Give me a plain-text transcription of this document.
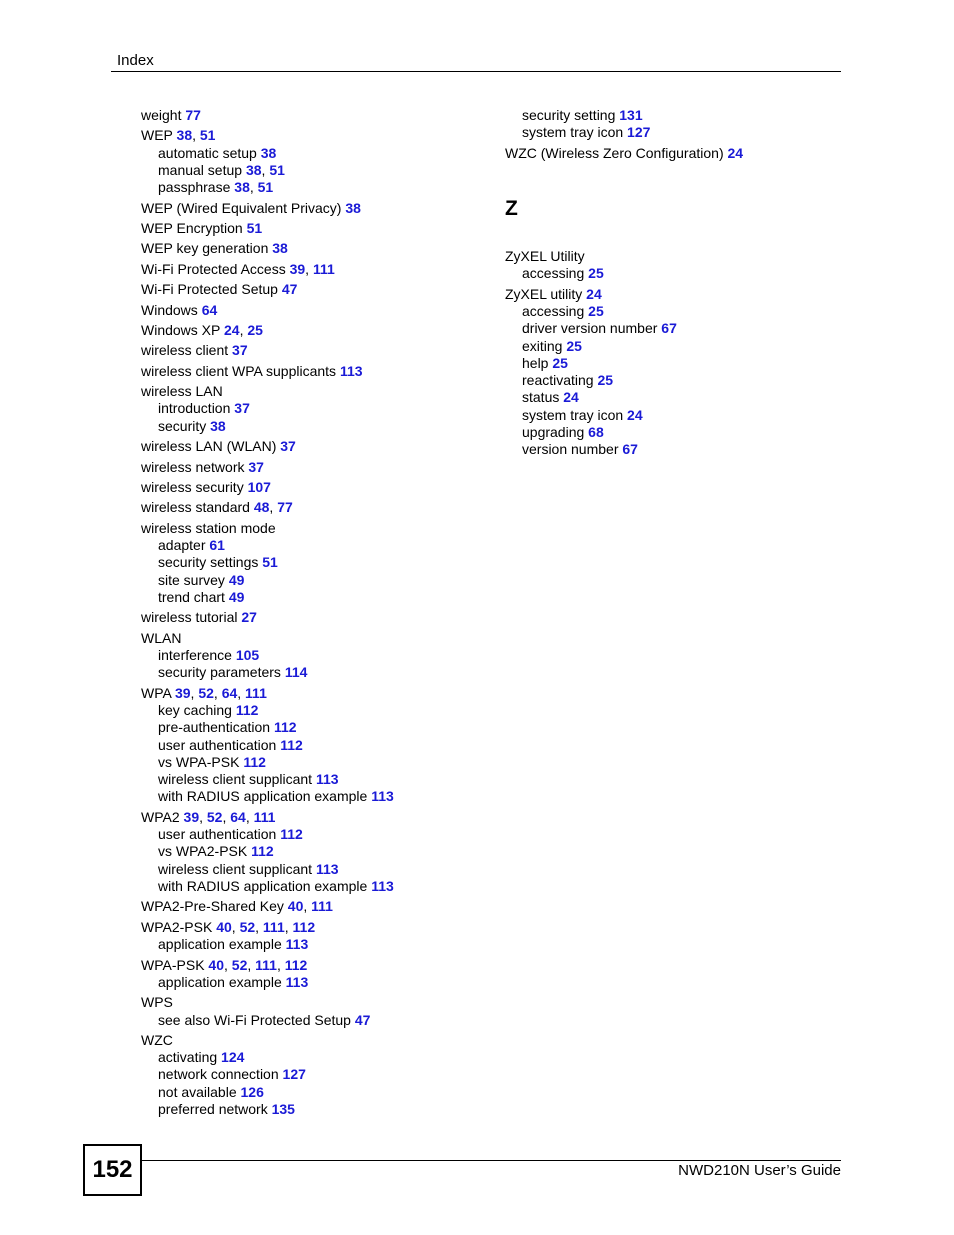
Index
weight 77
WEP 38, 51
automatic setup 38
manual setup 38, 51
passphrase 38, 51
WEP (Wired Equivalent Privacy) 38
WEP Encryption 51
WEP key generation 38
Wi-Fi Protected Access 39, 111
Wi-Fi Protected Setup 47
Windows 64
Windows XP 24, 25
wireless client 37
wireless client WPA supplicants 113
wireless LAN
introduction 37
security 38
wireless LAN (WLAN) 37
wireless network 37
wireless security 107
wireless standard 48, 77
wireless station mode
adapter 61
security settings 51
site survey 49
trend chart 49
wireless tutorial 27
WLAN
interference 105
security parameters 114
WPA 39, 52, 64, 111
key caching 112
pre-authentication 112
user authentication 112
vs WPA-PSK 112
wireless client supplicant 113
with RADIUS application example 113
WPA2 39, 52, 64, 111
user authentication 112
vs WPA2-PSK 112
wireless client supplicant 113
with RADIUS application example 113
WPA2-Pre-Shared Key 40, 111
WPA2-PSK 40, 52, 111, 112
application example 113
WPA-PSK 40, 52, 111, 112
application example 113
WPS
see also Wi-Fi Protected Setup 47
WZC
activating 124
network connection 127
not available 126
preferred network 135
security setting 131
system tray icon 127
WZC (Wireless Zero Configuration) 24
Z
ZyXEL Utility
accessing 25
ZyXEL utility 24
accessing 25
driver version number 67
exiting 25
help 25
reactivating 25
status 24
system tray icon 24
upgrading 68
version number 67
152	NWD210N User’s Guide
